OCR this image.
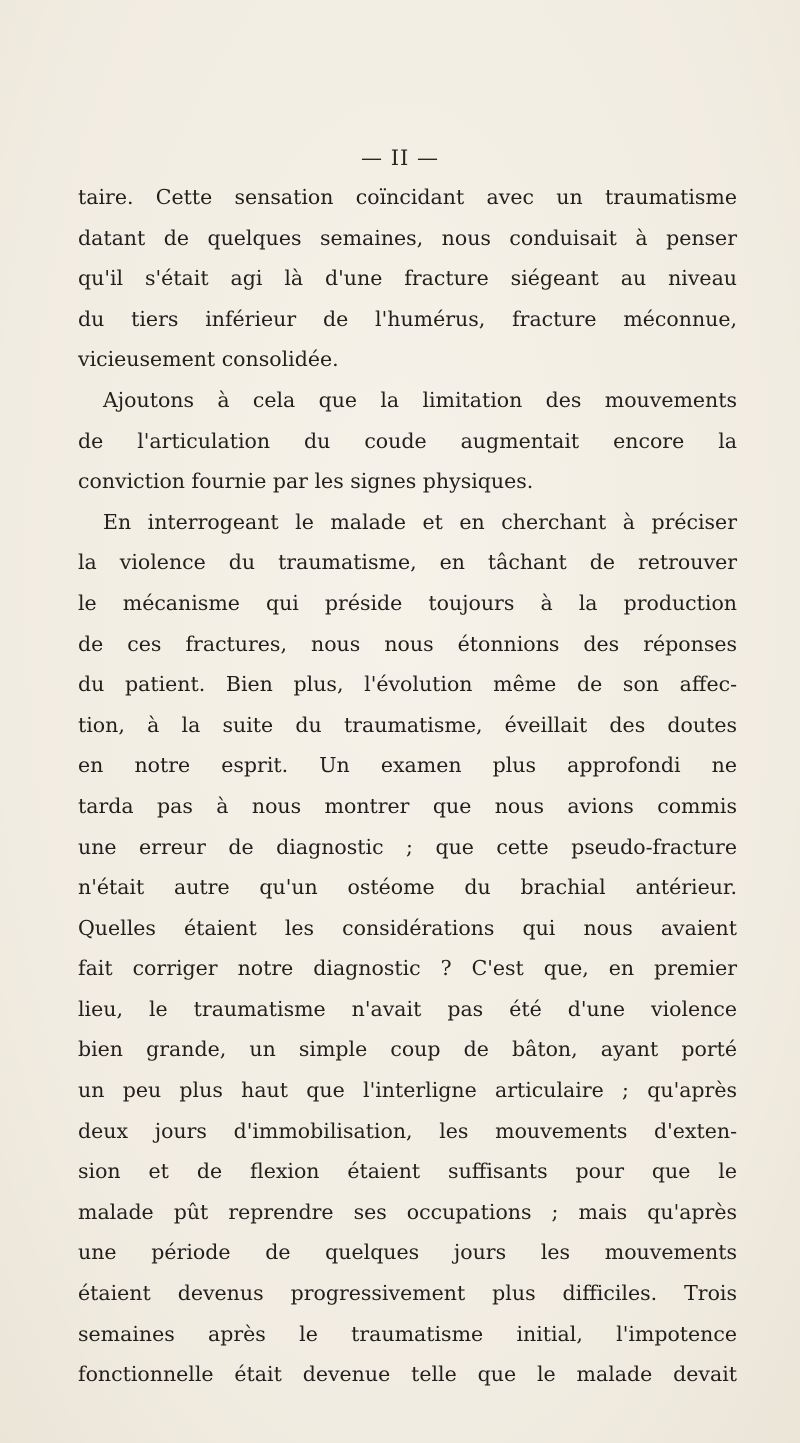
— II —
taire. Cette sensation coïncidant avec un traumatisme
datant de quelques semaines, nous conduisait à penser
qu'il s'était agi là d'une fracture siégeant au niveau
du tiers inférieur de l'humérus, fracture méconnue,
vicieusement consolidée.
Ajoutons à cela que la limitation des mouvements
de l'articulation du coude augmentait encore la
conviction fournie par les signes physiques.
En interrogeant le malade et en cherchant à préciser
la violence du traumatisme, en tâchant de retrouver
le mécanisme qui préside toujours à la production
de ces fractures, nous nous étonnions des réponses
du patient. Bien plus, l'évolution même de son affec-
tion, à la suite du traumatisme, éveillait des doutes
en notre esprit. Un examen plus approfondi ne
tarda pas à nous montrer que nous avions commis
une erreur de diagnostic ; que cette pseudo-fracture
n'était autre qu'un ostéome du brachial antérieur.
Quelles étaient les considérations qui nous avaient
fait corriger notre diagnostic ? C'est que, en premier
lieu, le traumatisme n'avait pas été d'une violence
bien grande, un simple coup de bâton, ayant porté
un peu plus haut que l'interligne articulaire ; qu'après
deux jours d'immobilisation, les mouvements d'exten-
sion et de flexion étaient suffisants pour que le
malade pût reprendre ses occupations ; mais qu'après
une période de quelques jours les mouvements
étaient devenus progressivement plus difficiles. Trois
semaines après le traumatisme initial, l'impotence
fonctionnelle était devenue telle que le malade devait
